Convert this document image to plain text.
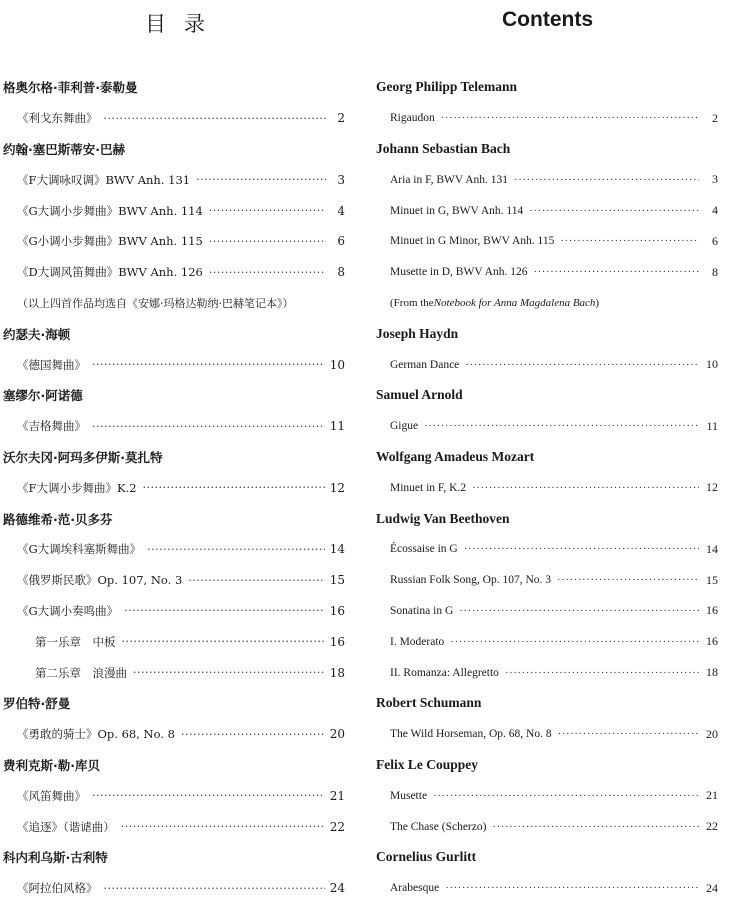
目录	Contents
格奥尔格·菲利普·泰勒曼
《利戈东舞曲》 ·····	2
约翰·塞巴斯蒂安·巴赫
《F大调咏叹调》BWV Anh. 131 ·····	3
《G大调小步舞曲》BWV Anh. 114 ·····	4
《G小调小步舞曲》BWV Anh. 115 ·····	6
《D大调风笛舞曲》BWV Anh. 126 ·····	8
（以上四首作品均选自《安娜·玛格达勒纳·巴赫笔记本》）
约瑟夫·海顿
《德国舞曲》 ·····	10
塞缪尔·阿诺德
《吉格舞曲》 ·····	11
沃尔夫冈·阿玛多伊斯·莫扎特
《F大调小步舞曲》K.2 ·····	12
路德维希·范·贝多芬
《G大调埃科塞斯舞曲》 ·····	14
《俄罗斯民歌》Op. 107, No. 3 ·····	15
《G大调小奏鸣曲》 ·····	16
第一乐章　中板 ·····	16
第二乐章　浪漫曲 ·····	18
罗伯特·舒曼
《勇敢的骑士》Op. 68, No. 8 ·····	20
费利克斯·勒·库贝
《风笛舞曲》 ·····	21
《追逐》（谐谑曲） ·····	22
科内利乌斯·古利特
《阿拉伯风格》 ·····	24
Georg Philipp Telemann
Rigaudon ·····	2
Johann Sebastian Bach
Aria in F, BWV Anh. 131 ·····	3
Minuet in G, BWV Anh. 114 ·····	4
Minuet in G Minor, BWV Anh. 115 ·····	6
Musette in D, BWV Anh. 126 ·····	8
(From the Notebook for Anna Magdalena Bach )
Joseph Haydn
German Dance ·····	10
Samuel Arnold
Gigue ·····	11
Wolfgang Amadeus Mozart
Minuet in F, K.2 ·····	12
Ludwig Van Beethoven
Écossaise in G ·····	14
Russian Folk Song, Op. 107, No. 3 ·····	15
Sonatina in G ·····	16
I. Moderato ·····	16
II. Romanza: Allegretto ·····	18
Robert Schumann
The Wild Horseman, Op. 68, No. 8 ·····	20
Felix Le Couppey
Musette ·····	21
The Chase (Scherzo) ·····	22
Cornelius Gurlitt
Arabesque ·····	24
